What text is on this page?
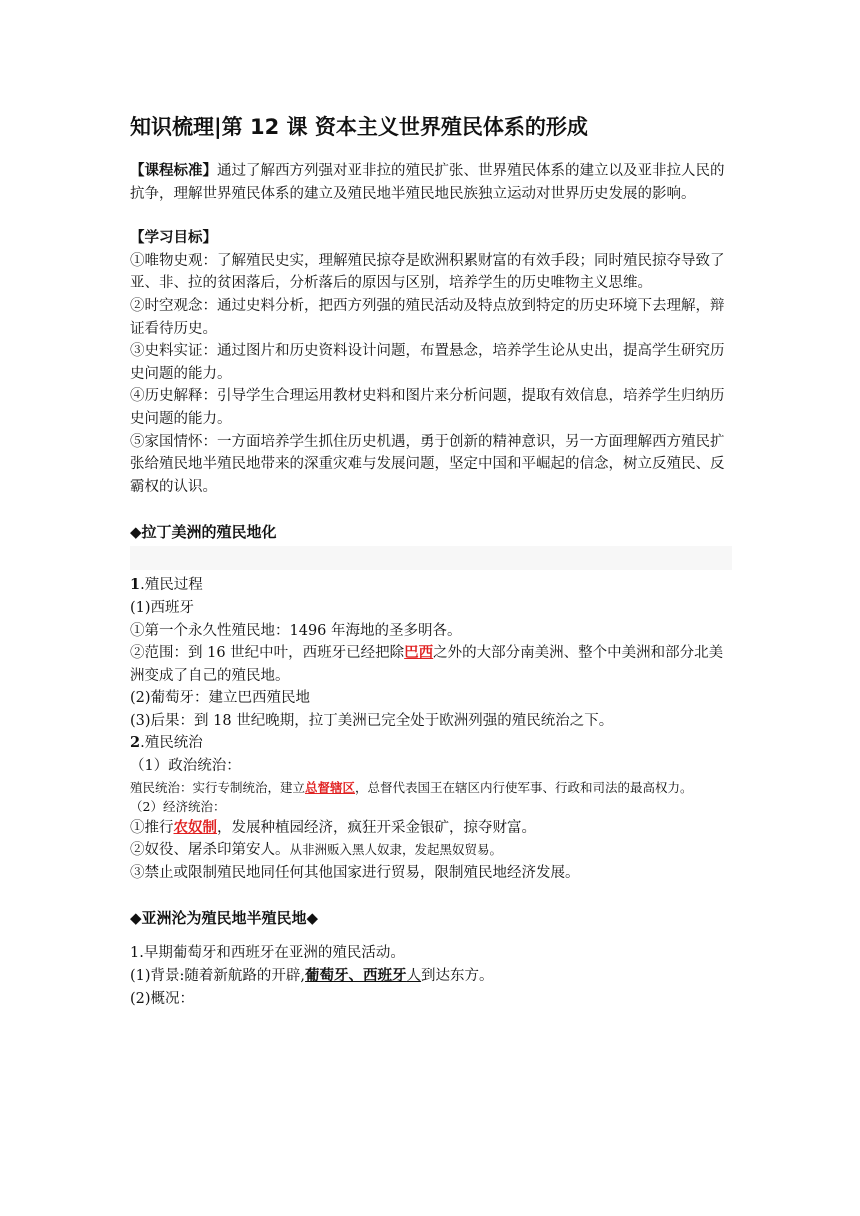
知识梳理|第 12 课 资本主义世界殖民体系的形成

【课程标准】通过了解西方列强对亚非拉的殖民扩张、世界殖民体系的建立以及亚非拉人民的抗争，理解世界殖民体系的建立及殖民地半殖民地民族独立运动对世界历史发展的影响。

【学习目标】

①唯物史观：了解殖民史实，理解殖民掠夺是欧洲积累财富的有效手段；同时殖民掠夺导致了亚、非、拉的贫困落后，分析落后的原因与区别，培养学生的历史唯物主义思维。

②时空观念：通过史料分析，把西方列强的殖民活动及特点放到特定的历史环境下去理解，辩证看待历史。

③史料实证：通过图片和历史资料设计问题，布置悬念，培养学生论从史出，提高学生研究历史问题的能力。

④历史解释：引导学生合理运用教材史料和图片来分析问题，提取有效信息，培养学生归纳历史问题的能力。

⑤家国情怀：一方面培养学生抓住历史机遇，勇于创新的精神意识，另一方面理解西方殖民扩张给殖民地半殖民地带来的深重灾难与发展问题，坚定中国和平崛起的信念，树立反殖民、反霸权的认识。

◆拉丁美洲的殖民地化

1.殖民过程

(1)西班牙

①第一个永久性殖民地：1496 年海地的圣多明各。

②范围：到 16 世纪中叶，西班牙已经把除巴西之外的大部分南美洲、整个中美洲和部分北美洲变成了自己的殖民地。

(2)葡萄牙：建立巴西殖民地

(3)后果：到 18 世纪晚期，拉丁美洲已完全处于欧洲列强的殖民统治之下。

2.殖民统治

（1）政治统治：

殖民统治：实行专制统治，建立总督辖区，总督代表国王在辖区内行使军事、行政和司法的最高权力。

（2）经济统治：

①推行农奴制，发展种植园经济，疯狂开采金银矿，掠夺财富。

②奴役、屠杀印第安人。从非洲贩入黑人奴隶，发起黑奴贸易。

③禁止或限制殖民地同任何其他国家进行贸易，限制殖民地经济发展。

◆亚洲沦为殖民地半殖民地◆

1.早期葡萄牙和西班牙在亚洲的殖民活动。

(1)背景:随着新航路的开辟,葡萄牙、西班牙人到达东方。

(2)概况：
